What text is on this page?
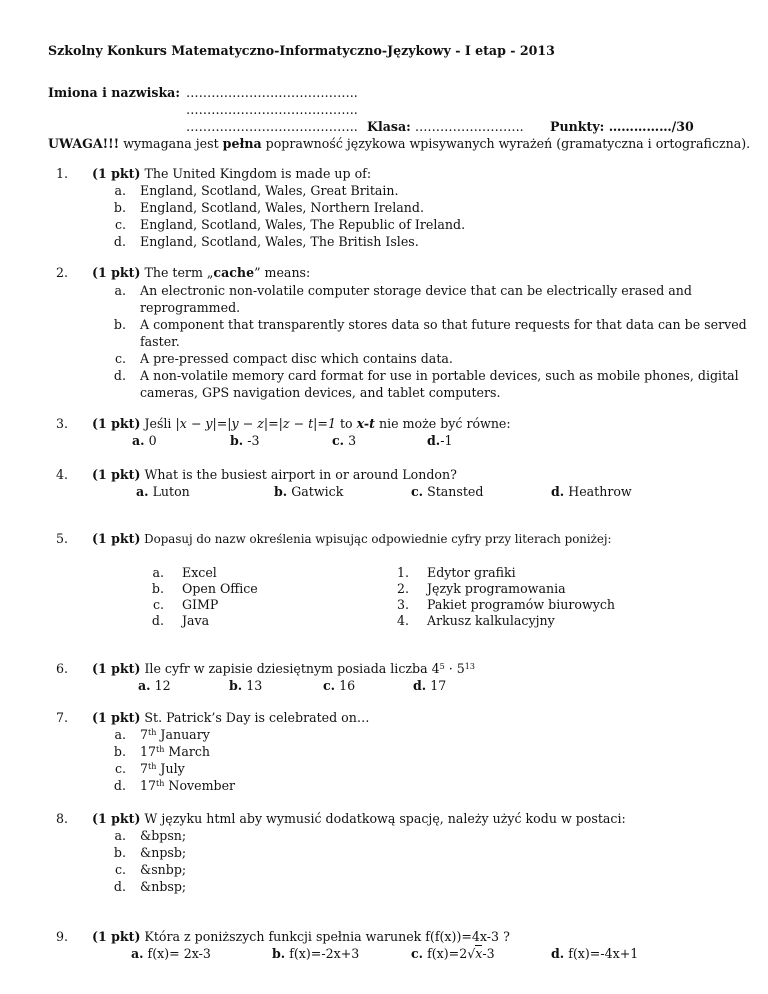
Szkolny Konkurs Matematyczno-Informatyczno-Językowy - I etap - 2013
Imiona i nazwiska: …………………………………..
…………………………………..
………………………………….. Klasa: …………………….. Punkty: ……………/30
UWAGA!!! wymagana jest pełna poprawność językowa wpisywanych wyrażeń (gramatyczna i ortograficzna).
1. (1 pkt) The United Kingdom is made up of:
a. England, Scotland, Wales, Great Britain.
b. England, Scotland, Wales, Northern Ireland.
c. England, Scotland, Wales, The Republic of Ireland.
d. England, Scotland, Wales, The British Isles.
2. (1 pkt) The term „cache” means:
a. An electronic non-volatile computer storage device that can be electrically erased and
reprogrammed.
b. A component that transparently stores data so that future requests for that data can be served
faster.
c. A pre-pressed compact disc which contains data.
d. A non-volatile memory card format for use in portable devices, such as mobile phones, digital
cameras, GPS navigation devices, and tablet computers.
3. (1 pkt) Jeśli |x − y|=|y − z|=|z − t|=1 to x-t nie może być równe:
a. 0	b. -3	c. 3	d.-1
4. (1 pkt) What is the busiest airport in or around London?
a. Luton	b. Gatwick	c. Stansted	d. Heathrow
5. (1 pkt) Dopasuj do nazw określenia wpisując odpowiednie cyfry przy literach poniżej:
a. Excel
b. Open Office
c. GIMP
d. Java
1. Edytor grafiki
2. Język programowania
3. Pakiet programów biurowych
4. Arkusz kalkulacyjny
6. (1 pkt) Ile cyfr w zapisie dziesiętnym posiada liczba $4^5 \cdot 5^{13}$
a. 12	b. 13	c. 16	d. 17
7. (1 pkt) St. Patrick’s Day is celebrated on…
a. 7th January
b. 17th March
c. 7th July
d. 17th November
8. (1 pkt) W języku html aby wymusić dodatkową spację, należy użyć kodu w postaci:
a. &bpsn;
b. &npsb;
c. &snbp;
d. &nbsp;
9. (1 pkt) Która z poniższych funkcji spełnia warunek f(f(x))=4x-3 ?
a. f(x)= 2x-3	b. f(x)=-2x+3	c. f(x)=2√x-3	d. f(x)=-4x+1
